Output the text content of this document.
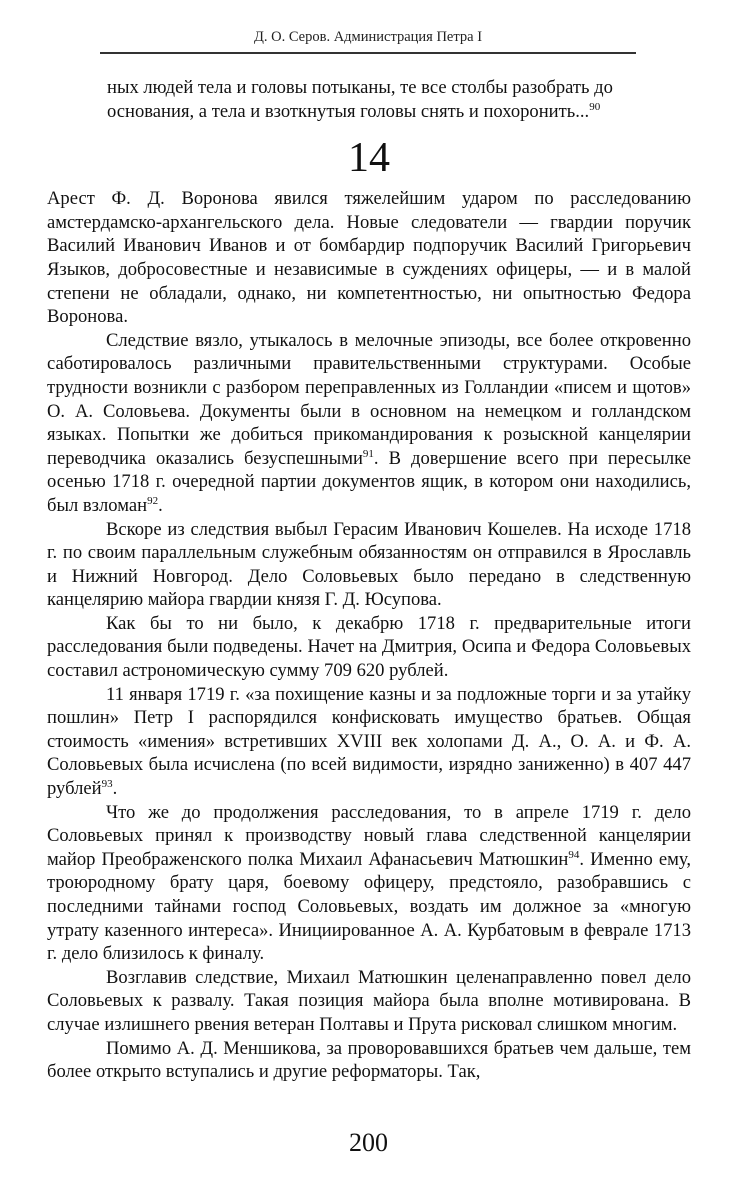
Д. О. Серов. Администрация Петра I

ных людей тела и головы потыканы, те все столбы разобрать до основания, а тела и взоткнутыя головы снять и похоронить...$^{90}$

14

Арест Ф. Д. Воронова явился тяжелейшим ударом по расследованию амстердамско-архангельского дела. Новые следователи — гвардии поручик Василий Иванович Иванов и от бомбардир подпоручик Василий Григорьевич Языков, добросовестные и независимые в суждениях офицеры, — и в малой степени не обладали, однако, ни компетентностью, ни опытностью Федора Воронова.

Следствие вязло, утыкалось в мелочные эпизоды, все более откровенно саботировалось различными правительственными структурами. Особые трудности возникли с разбором переправленных из Голландии «писем и щотов» О. А. Соловьева. Документы были в основном на немецком и голландском языках. Попытки же добиться прикомандирования к розыскной канцелярии переводчика оказались безуспешными$^{91}$. В довершение всего при пересылке осенью 1718 г. очередной партии документов ящик, в котором они находились, был взломан$^{92}$.

Вскоре из следствия выбыл Герасим Иванович Кошелев. На исходе 1718 г. по своим параллельным служебным обязанностям он отправился в Ярославль и Нижний Новгород. Дело Соловьевых было передано в следственную канцелярию майора гвардии князя Г. Д. Юсупова.

Как бы то ни было, к декабрю 1718 г. предварительные итоги расследования были подведены. Начет на Дмитрия, Осипа и Федора Соловьевых составил астрономическую сумму 709 620 рублей.

11 января 1719 г. «за похищение казны и за подложные торги и за утайку пошлин» Петр I распорядился конфисковать имущество братьев. Общая стоимость «имения» встретивших XVIII век холопами Д. А., О. А. и Ф. А. Соловьевых была исчислена (по всей видимости, изрядно заниженно) в 407 447 рублей$^{93}$.

Что же до продолжения расследования, то в апреле 1719 г. дело Соловьевых принял к производству новый глава следственной канцелярии майор Преображенского полка Михаил Афанасьевич Матюшкин$^{94}$. Именно ему, троюродному брату царя, боевому офицеру, предстояло, разобравшись с последними тайнами господ Соловьевых, воздать им должное за «многую утрату казенного интереса». Инициированное А. А. Курбатовым в феврале 1713 г. дело близилось к финалу.

Возглавив следствие, Михаил Матюшкин целенаправленно повел дело Соловьевых к развалу. Такая позиция майора была вполне мотивирована. В случае излишнего рвения ветеран Полтавы и Прута рисковал слишком многим.

Помимо А. Д. Меншикова, за проворовавшихся братьев чем дальше, тем более открыто вступались и другие реформаторы. Так,

200
